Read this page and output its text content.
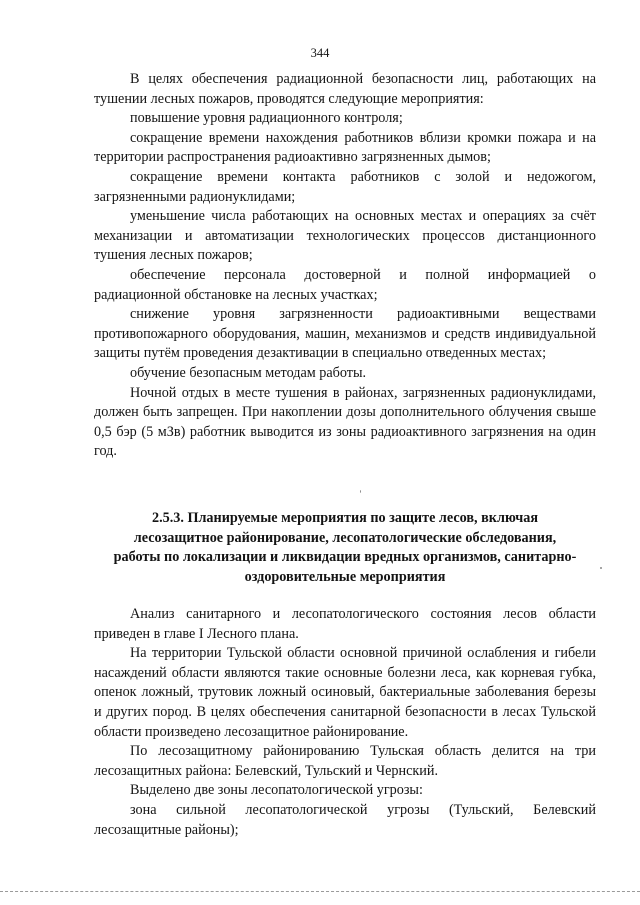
344

В целях обеспечения радиационной безопасности лиц, работающих на тушении лесных пожаров, проводятся следующие мероприятия:

повышение уровня радиационного контроля;

сокращение времени нахождения работников вблизи кромки пожара и на территории распространения радиоактивно загрязненных дымов;

сокращение времени контакта работников с золой и недожогом, загрязненными радионуклидами;

уменьшение числа работающих на основных местах и операциях за счёт механизации и автоматизации технологических процессов дистанционного тушения лесных пожаров;

обеспечение персонала достоверной и полной информацией о радиационной обстановке на лесных участках;

снижение уровня загрязненности радиоактивными веществами противопожарного оборудования, машин, механизмов и средств индивидуальной защиты путём проведения дезактивации в специально отведенных местах;

обучение безопасным методам работы.

Ночной отдых в месте тушения в районах, загрязненных радионуклидами, должен быть запрещен. При накоплении дозы дополнительного облучения свыше 0,5 бэр (5 мЗв) работник выводится из зоны радиоактивного загрязнения на один год.

2.5.3. Планируемые мероприятия по защите лесов, включая
лесозащитное районирование, лесопатологические обследования,
работы по локализации и ликвидации вредных организмов, санитарно-
оздоровительные мероприятия

Анализ санитарного и лесопатологического состояния лесов области приведен в главе I Лесного плана.

На территории Тульской области основной причиной ослабления и гибели насаждений области являются такие основные болезни леса, как корневая губка, опенок ложный, трутовик ложный осиновый, бактериальные заболевания березы и других пород. В целях обеспечения санитарной безопасности в лесах Тульской области произведено лесозащитное районирование.

По лесозащитному районированию Тульская область делится на три лесозащитных района: Белевский, Тульский и Чернский.

Выделено две зоны лесопатологической угрозы:

зона сильной лесопатологической угрозы (Тульский, Белевский лесозащитные районы);
